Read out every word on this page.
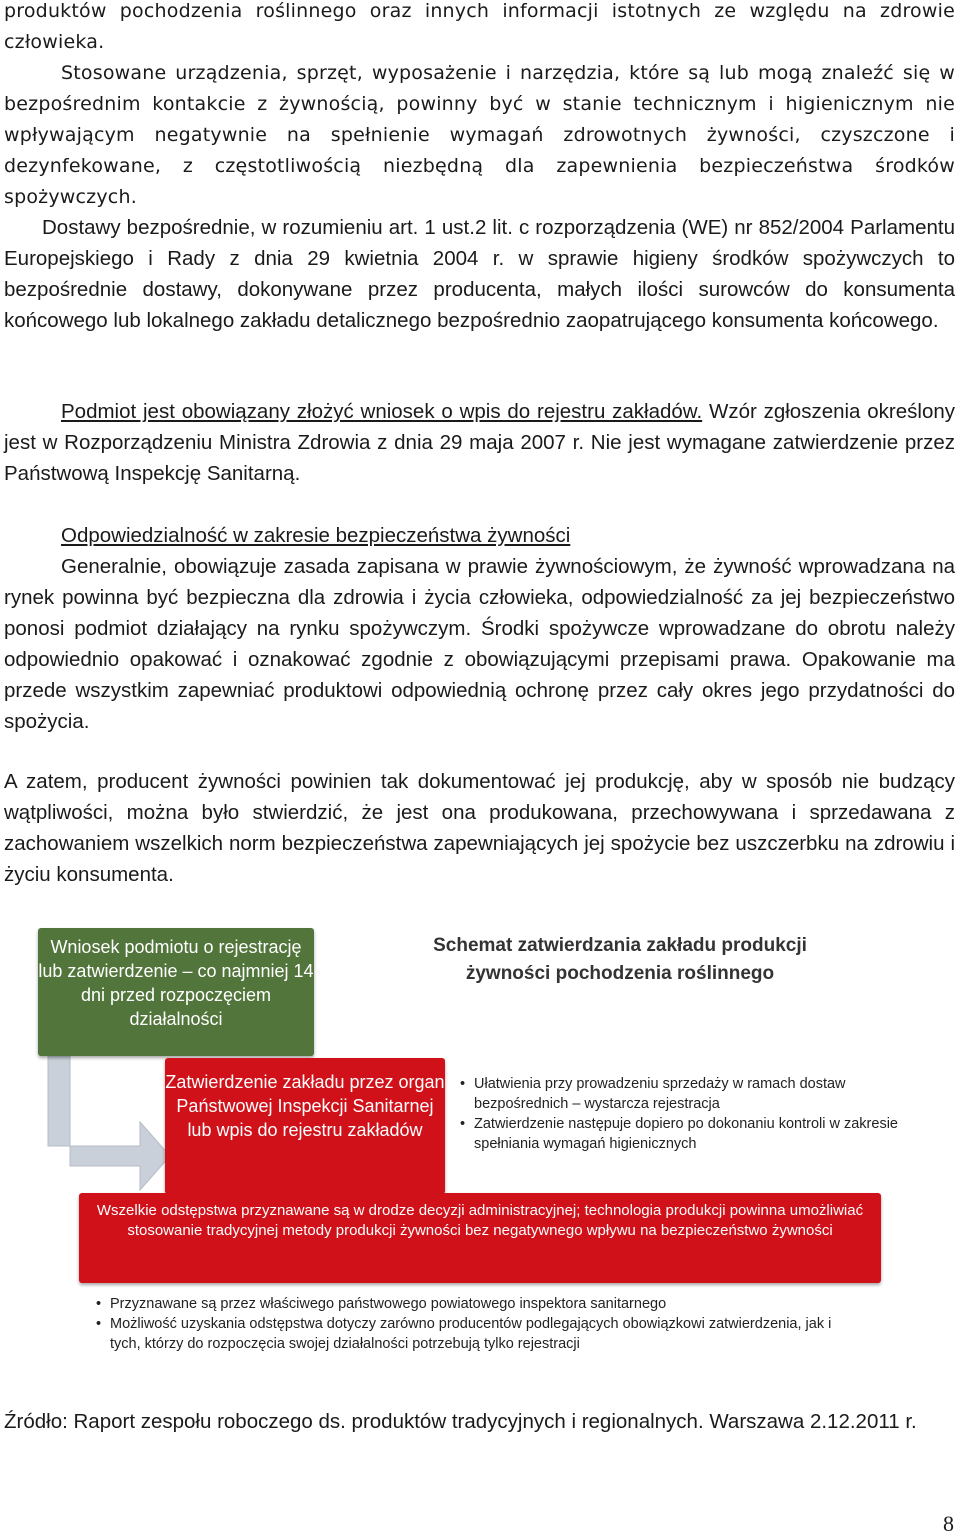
produktów pochodzenia roślinnego oraz innych informacji istotnych ze względu na zdrowie człowieka.

Stosowane urządzenia, sprzęt, wyposażenie i narzędzia, które są lub mogą znaleźć się w bezpośrednim kontakcie z żywnością, powinny być w stanie technicznym i higienicznym nie wpływającym negatywnie na spełnienie wymagań zdrowotnych żywności, czyszczone i dezynfekowane, z częstotliwością niezbędną dla zapewnienia bezpieczeństwa środków spożywczych.

Dostawy bezpośrednie, w rozumieniu art. 1 ust.2 lit. c rozporządzenia (WE) nr 852/2004 Parlamentu Europejskiego i Rady z dnia 29 kwietnia 2004 r. w sprawie higieny środków spożywczych to bezpośrednie dostawy, dokonywane przez producenta, małych ilości surowców do konsumenta końcowego lub lokalnego zakładu detalicznego bezpośrednio zaopatrującego konsumenta końcowego.

Podmiot jest obowiązany złożyć wniosek o wpis do rejestru zakładów. Wzór zgłoszenia określony jest w Rozporządzeniu Ministra Zdrowia z dnia 29 maja 2007 r. Nie jest wymagane zatwierdzenie przez Państwową Inspekcję Sanitarną.

Odpowiedzialność w zakresie bezpieczeństwa żywności

Generalnie, obowiązuje zasada zapisana w prawie żywnościowym, że żywność wprowadzana na rynek powinna być bezpieczna dla zdrowia i życia człowieka, odpowiedzialność za jej bezpieczeństwo ponosi podmiot działający na rynku spożywczym. Środki spożywcze wprowadzane do obrotu należy odpowiednio opakować i oznakować zgodnie z obowiązującymi przepisami prawa. Opakowanie ma przede wszystkim zapewniać produktowi odpowiednią ochronę przez cały okres jego przydatności do spożycia.

A zatem, producent żywności powinien tak dokumentować jej produkcję, aby w sposób nie budzący wątpliwości, można było stwierdzić, że jest ona produkowana, przechowywana i sprzedawana z zachowaniem wszelkich norm bezpieczeństwa zapewniających jej spożycie bez uszczerbku na zdrowiu i życiu konsumenta.

Wniosek podmiotu o rejestrację lub zatwierdzenie – co najmniej 14 dni przed rozpoczęciem działalności
Schemat zatwierdzania zakładu produkcji
żywności pochodzenia roślinnego
Zatwierdzenie zakładu przez organ Państwowej Inspekcji Sanitarnej lub wpis do rejestru zakładów
• Ułatwienia przy prowadzeniu sprzedaży w ramach dostaw bezpośrednich – wystarcza rejestracja
• Zatwierdzenie następuje dopiero po dokonaniu kontroli w zakresie spełniania wymagań higienicznych
Wszelkie odstępstwa przyznawane są w drodze decyzji administracyjnej; technologia produkcji powinna umożliwiać stosowanie tradycyjnej metody produkcji żywności bez negatywnego wpływu na bezpieczeństwo żywności
• Przyznawane są przez właściwego państwowego powiatowego inspektora sanitarnego
• Możliwość uzyskania odstępstwa dotyczy zarówno producentów podlegających obowiązkowi zatwierdzenia, jak i tych, którzy do rozpoczęcia swojej działalności potrzebują tylko rejestracji

Źródło: Raport zespołu roboczego ds. produktów tradycyjnych i regionalnych. Warszawa 2.12.2011 r.

8
